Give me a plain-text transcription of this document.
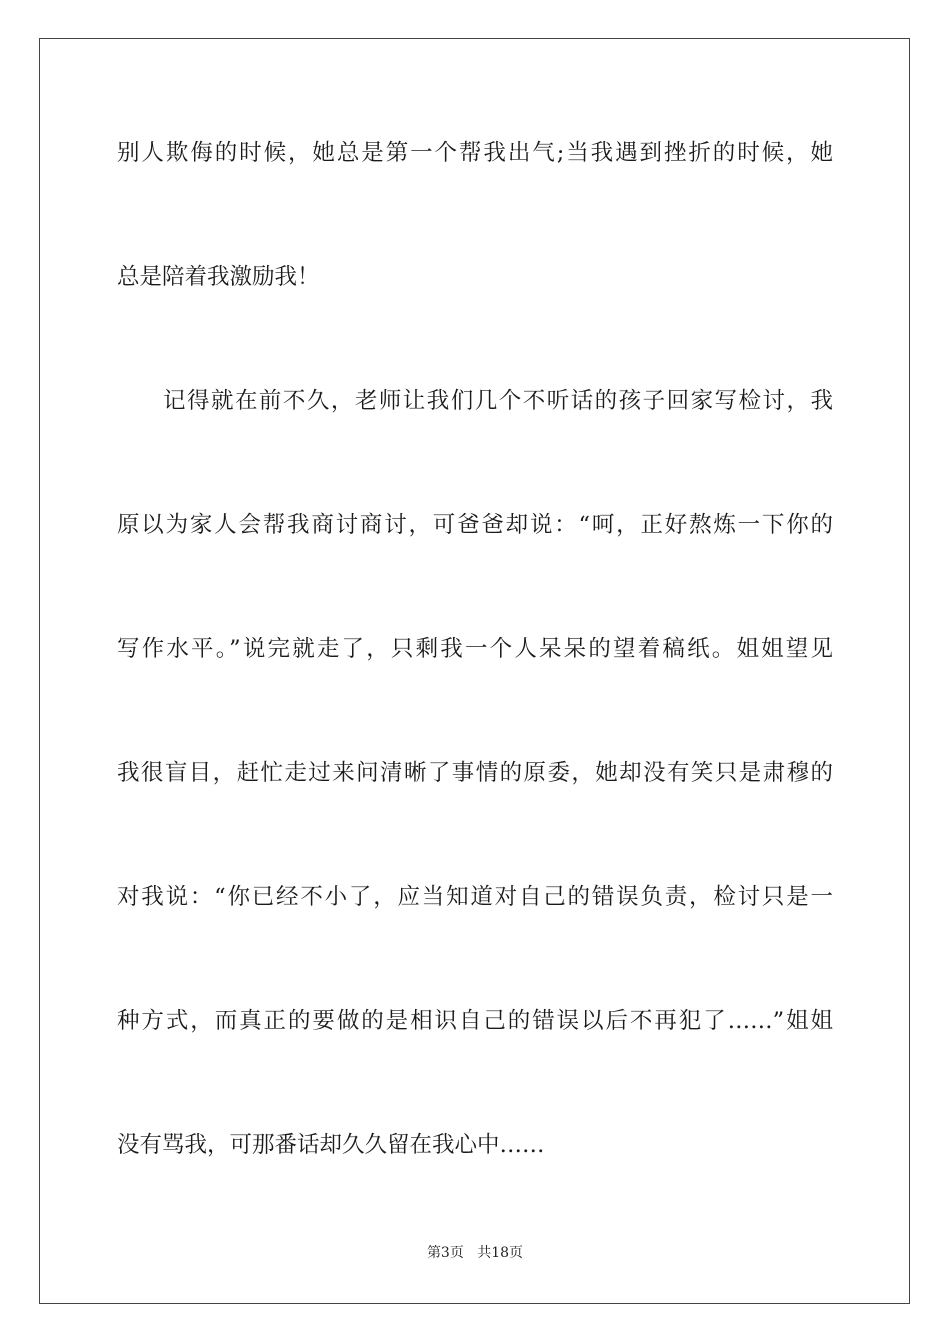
别人欺侮的时候，她总是第一个帮我出气;当我遇到挫折的时候，她
总是陪着我激励我！
记得就在前不久，老师让我们几个不听话的孩子回家写检讨，我
原以为家人会帮我商讨商讨，可爸爸却说：“呵，正好熬炼一下你的
写作水平。”说完就走了，只剩我一个人呆呆的望着稿纸。姐姐望见
我很盲目，赶忙走过来问清晰了事情的原委，她却没有笑只是肃穆的
对我说：“你已经不小了，应当知道对自己的错误负责，检讨只是一
种方式，而真正的要做的是相识自己的错误以后不再犯了……”姐姐
没有骂我，可那番话却久久留在我心中……
第3页 共18页
